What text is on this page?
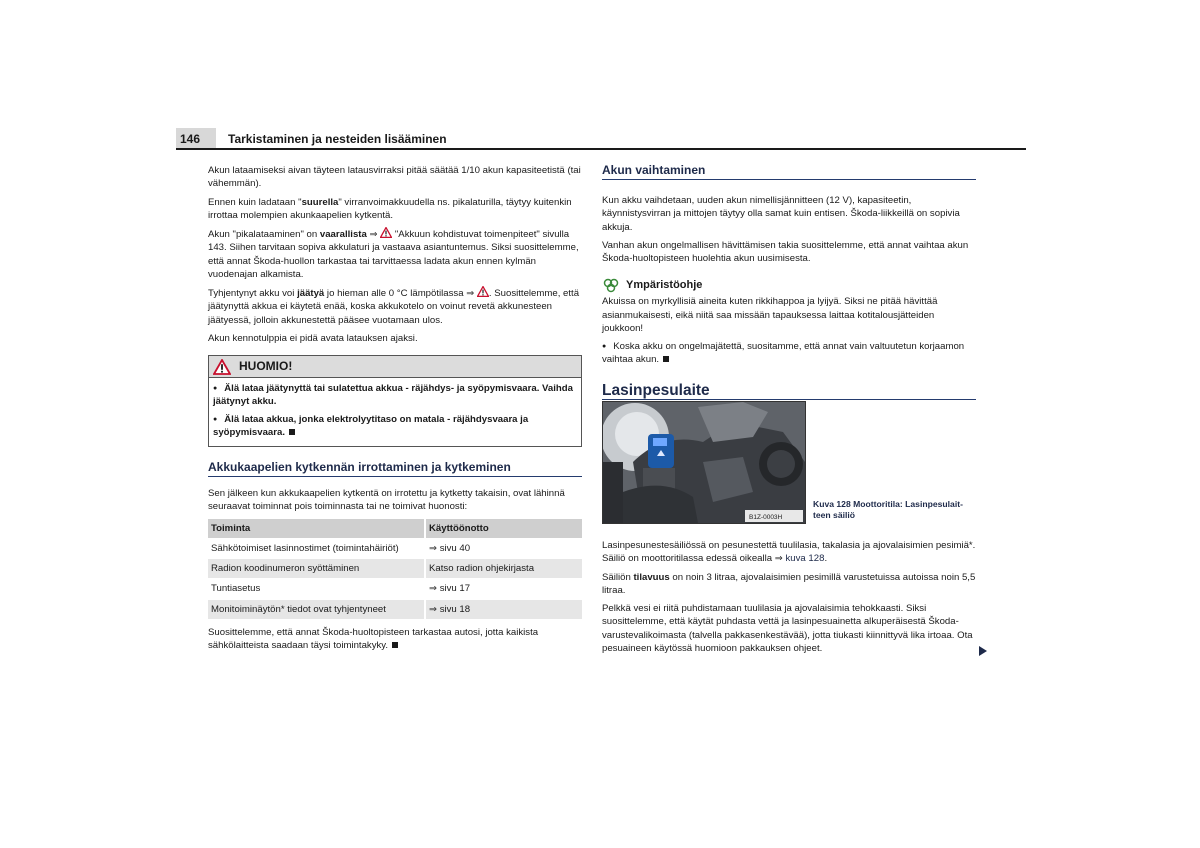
146 Tarkistaminen ja nesteiden lisääminen

Akun lataamiseksi aivan täyteen latausvirraksi pitää säätää 1/10 akun kapasiteetistä (tai vähemmän).

Ennen kuin ladataan "suurella" virranvoimakkuudella ns. pikalaturilla, täytyy kuitenkin irrottaa molempien akunkaapelien kytkentä.

Akun "pikalataaminen" on vaarallista ⇒  "Akkuun kohdistuvat toimenpiteet" sivulla 143. Siihen tarvitaan sopiva akkulaturi ja vastaava asiantuntemus. Siksi suosittelemme, että annat Škoda-huollon tarkastaa tai tarvittaessa ladata akun ennen kylmän vuodenajan alkamista.

Tyhjentynyt akku voi jäätyä jo hieman alle 0 °C lämpötilassa ⇒ . Suosittelemme, että jäätynyttä akkua ei käytetä enää, koska akkukotelo on voinut revetä akkunesteen jäätyessä, jolloin akkunestettä pääsee vuotamaan ulos.

Akun kennotulppia ei pidä avata latauksen ajaksi.

HUOMIO!

● Älä lataa jäätynyttä tai sulatettua akkua - räjähdys- ja syöpymisvaara. Vaihda jäätynyt akku.

● Älä lataa akkua, jonka elektrolyytitaso on matala - räjähdysvaara ja syöpymisvaara.

Akkukaapelien kytkennän irrottaminen ja kytkeminen

Sen jälkeen kun akkukaapelien kytkentä on irrotettu ja kytketty takaisin, ovat lähinnä seuraavat toiminnat pois toiminnasta tai ne toimivat huonosti:

Toiminta	Käyttöönotto
Sähkötoimiset lasinnostimet (toimintahäiriöt)	⇒ sivu 40
Radion koodinumeron syöttäminen	Katso radion ohjekirjasta
Tuntiasetus	⇒ sivu 17
Monitoiminäytön* tiedot ovat tyhjentyneet	⇒ sivu 18

Suosittelemme, että annat Škoda-huoltopisteen tarkastaa autosi, jotta kaikista sähkölaitteista saadaan täysi toimintakyky.

Akun vaihtaminen

Kun akku vaihdetaan, uuden akun nimellisjännitteen (12 V), kapasiteetin, käynnistysvirran ja mittojen täytyy olla samat kuin entisen. Škoda-liikkeillä on sopivia akkuja.

Vanhan akun ongelmallisen hävittämisen takia suosittelemme, että annat vaihtaa akun Škoda-huoltopisteen huolehtia akun uusimisesta.

Ympäristöohje

Akuissa on myrkyllisiä aineita kuten rikkihappoa ja lyijyä. Siksi ne pitää hävittää asianmukaisesti, eikä niitä saa missään tapauksessa laittaa kotitalousjätteiden joukkoon!

● Koska akku on ongelmajätettä, suositamme, että annat vain valtuutetun korjaamon vaihtaa akun.

Lasinpesulaite
B1Z-0003H
Kuva 128 Moottoritila: Lasinpesulait-
teen säiliö

Lasinpesunestesäiliössä on pesunestettä tuulilasia, takalasia ja ajovalaisimien pesimiä*. Säiliö on moottoritilassa edessä oikealla ⇒ kuva 128.

Säiliön tilavuus on noin 3 litraa, ajovalaisimien pesimillä varustetuissa autoissa noin 5,5 litraa.

Pelkkä vesi ei riitä puhdistamaan tuulilasia ja ajovalaisimia tehokkaasti. Siksi suosittelemme, että käytät puhdasta vettä ja lasinpesuainetta alkuperäisestä Škoda-varustevalikoimasta (talvella pakkasenkestävää), jotta tiukasti kiinnittyvä lika irtoaa. Ota pesuaineen käytössä huomioon pakkauksen ohjeet.
